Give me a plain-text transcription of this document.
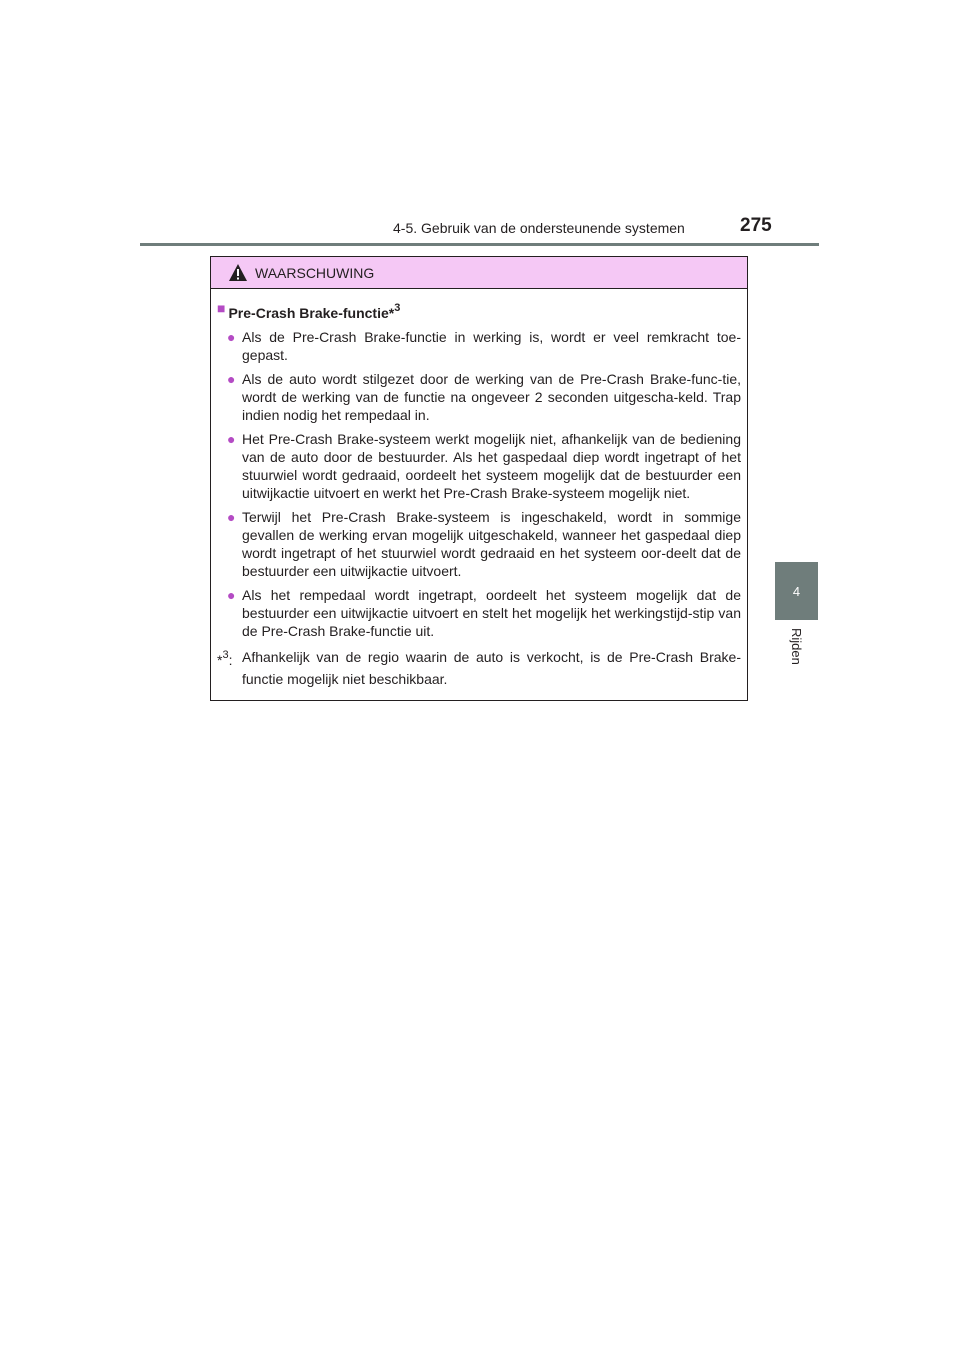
4-5. Gebruik van de ondersteunende systemen	275
4
Rijden
WAARSCHUWING
■ Pre-Crash Brake-functie*$^3$
● Als de Pre-Crash Brake-functie in werking is, wordt er veel remkracht toe-gepast.
● Als de auto wordt stilgezet door de werking van de Pre-Crash Brake-func-tie, wordt de werking van de functie na ongeveer 2 seconden uitgescha-keld. Trap indien nodig het rempedaal in.
● Het Pre-Crash Brake-systeem werkt mogelijk niet, afhankelijk van de bediening van de auto door de bestuurder. Als het gaspedaal diep wordt ingetrapt of het stuurwiel wordt gedraaid, oordeelt het systeem mogelijk dat de bestuurder een uitwijkactie uitvoert en werkt het Pre-Crash Brake-systeem mogelijk niet.
● Terwijl het Pre-Crash Brake-systeem is ingeschakeld, wordt in sommige gevallen de werking ervan mogelijk uitgeschakeld, wanneer het gaspedaal diep wordt ingetrapt of het stuurwiel wordt gedraaid en het systeem oor-deelt dat de bestuurder een uitwijkactie uitvoert.
● Als het rempedaal wordt ingetrapt, oordeelt het systeem mogelijk dat de bestuurder een uitwijkactie uitvoert en stelt het mogelijk het werkingstijd-stip van de Pre-Crash Brake-functie uit.
*$^3$: Afhankelijk van de regio waarin de auto is verkocht, is de Pre-Crash Brake-functie mogelijk niet beschikbaar.
